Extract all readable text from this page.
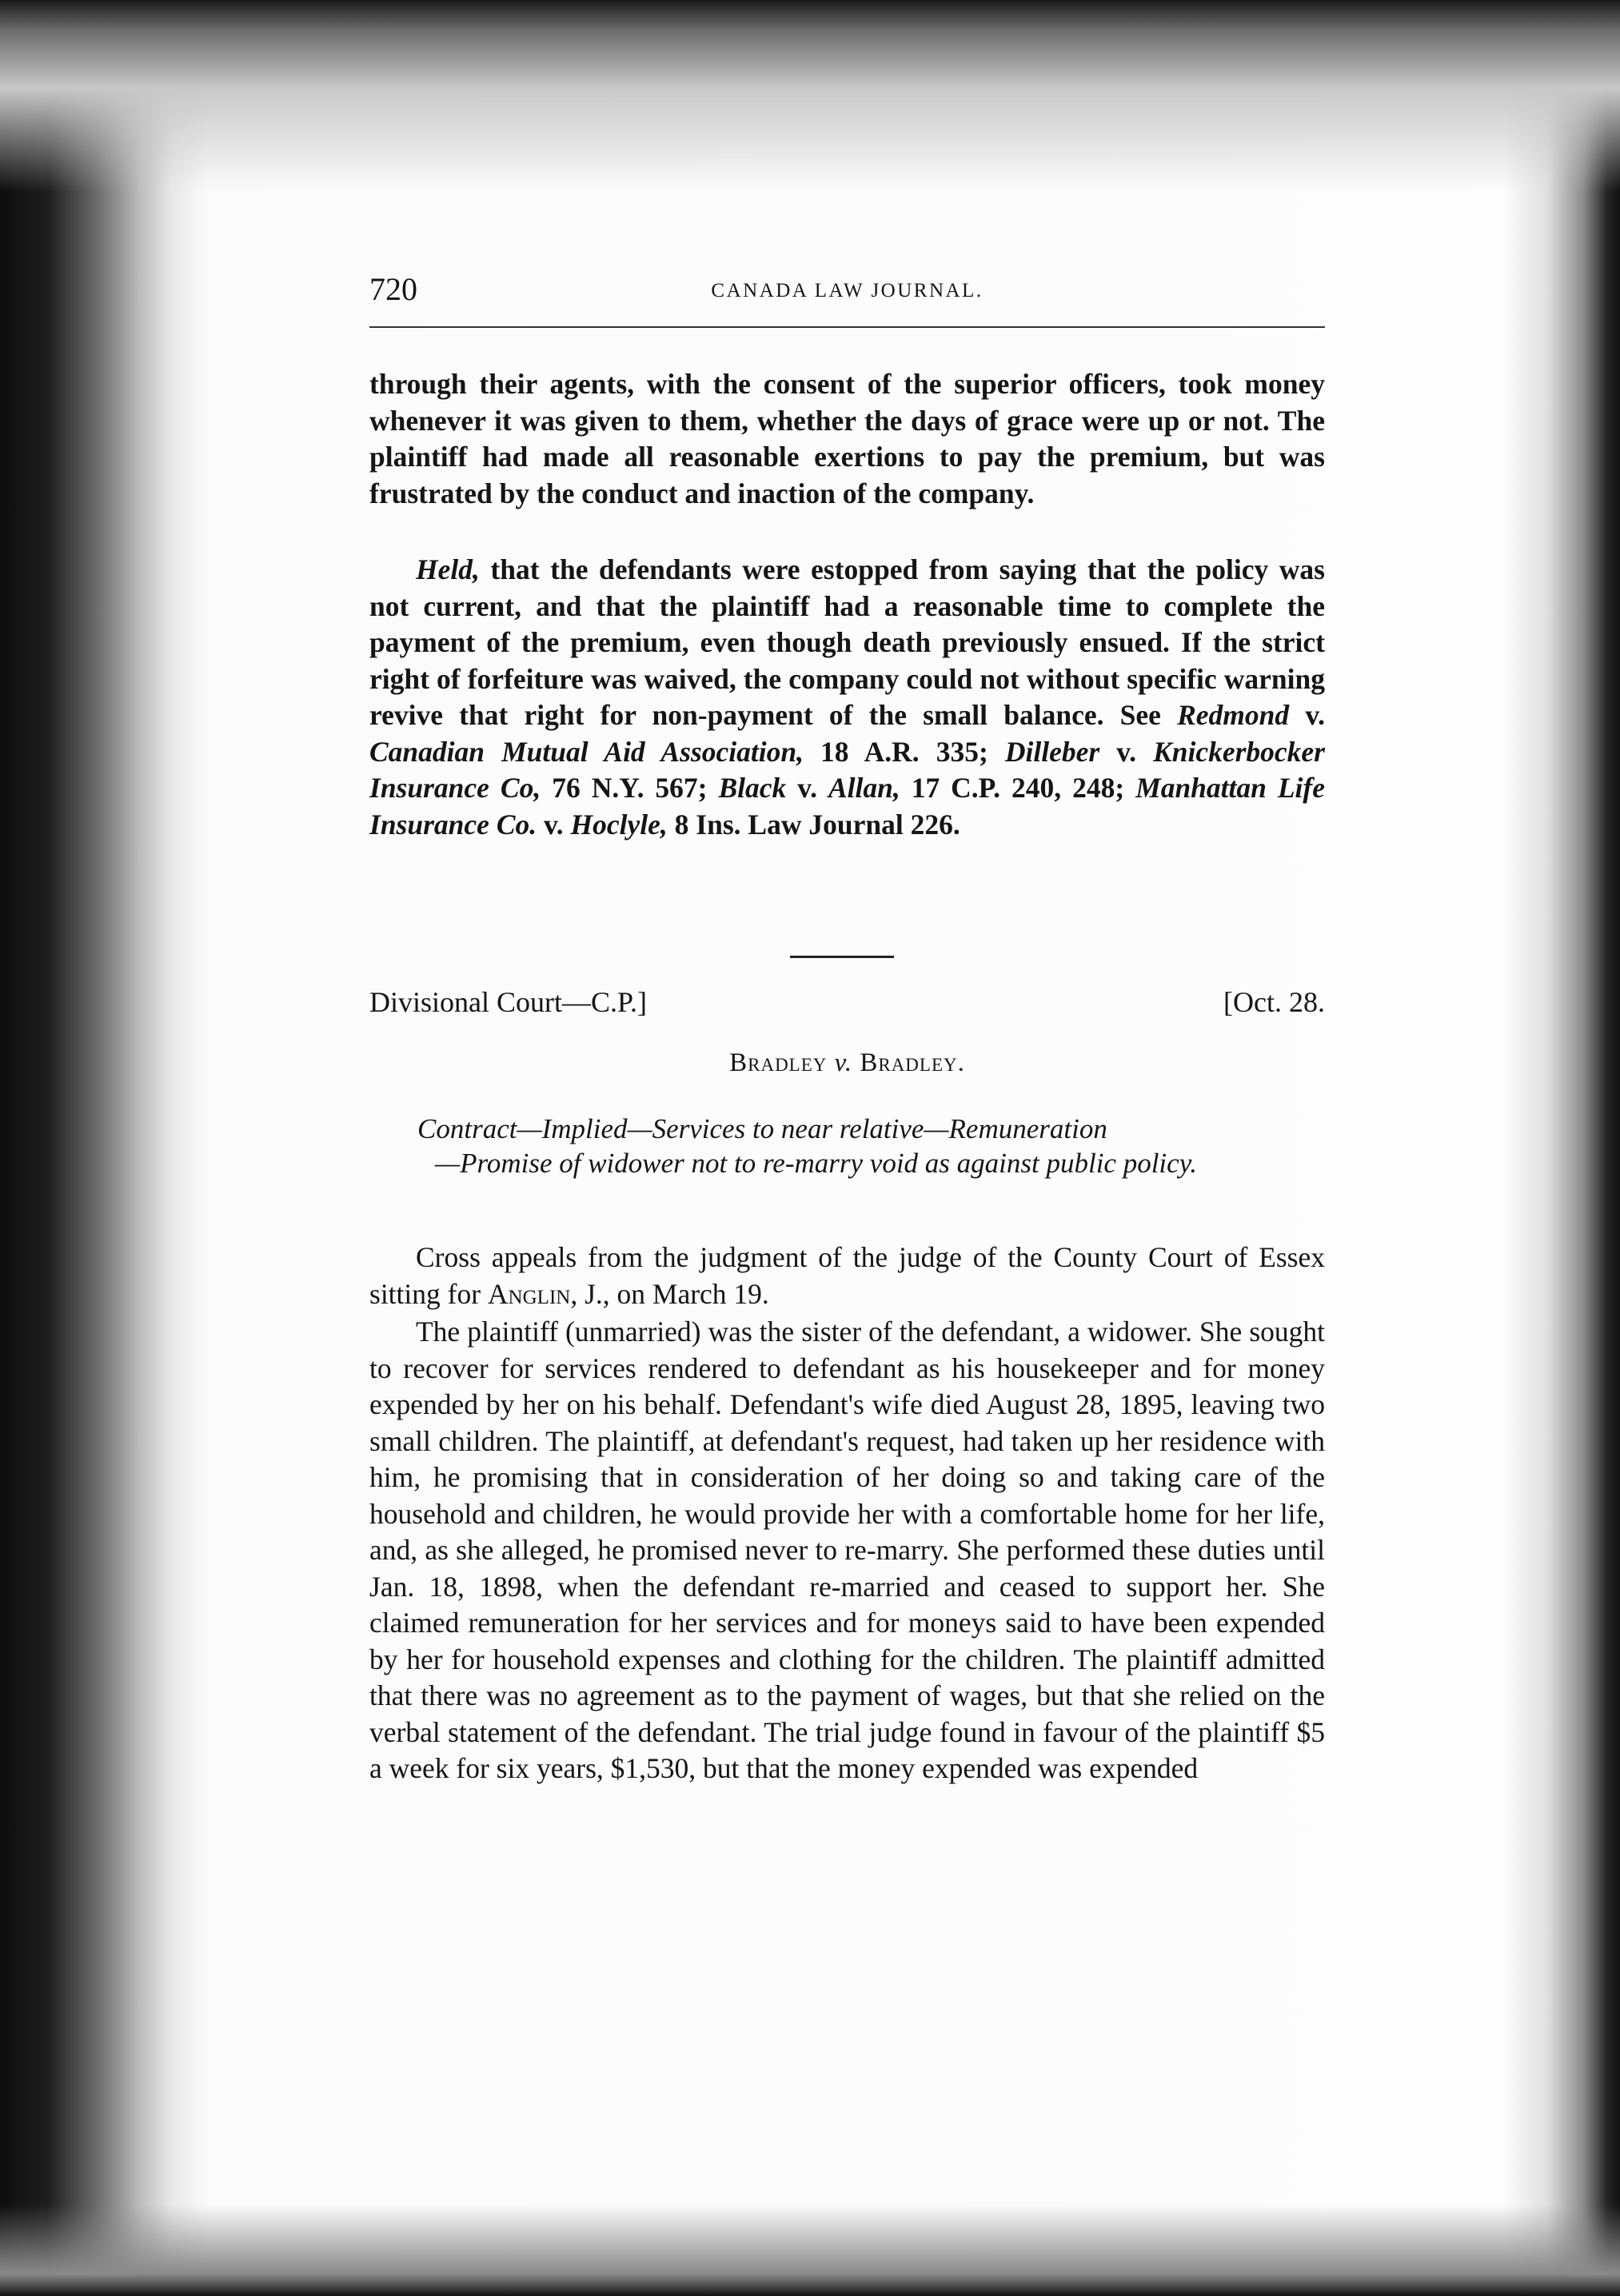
720	CANADA LAW JOURNAL.

through their agents, with the consent of the superior officers, took money whenever it was given to them, whether the days of grace were up or not. The plaintiff had made all reasonable exertions to pay the premium, but was frustrated by the conduct and inaction of the company.

Held, that the defendants were estopped from saying that the policy was not current, and that the plaintiff had a reasonable time to complete the payment of the premium, even though death previously ensued. If the strict right of forfeiture was waived, the company could not without specific warning revive that right for non-payment of the small balance. See Redmond v. Canadian Mutual Aid Association, 18 A.R. 335; Dilleber v. Knickerbocker Insurance Co, 76 N.Y. 567; Black v. Allan, 17 C.P. 240, 248; Manhattan Life Insurance Co. v. Hoclyle, 8 Ins. Law Journal 226.

Divisional Court—C.P.]	[Oct. 28.
Bradley v. Bradley.

Contract—Implied—Services to near relative—Remuneration
—Promise of widower not to re-marry void as against public policy.

Cross appeals from the judgment of the judge of the County Court of Essex sitting for Anglin, J., on March 19.

The plaintiff (unmarried) was the sister of the defendant, a widower. She sought to recover for services rendered to defendant as his housekeeper and for money expended by her on his behalf. Defendant's wife died August 28, 1895, leaving two small children. The plaintiff, at defendant's request, had taken up her residence with him, he promising that in consideration of her doing so and taking care of the household and children, he would provide her with a comfortable home for her life, and, as she alleged, he promised never to re-marry. She performed these duties until Jan. 18, 1898, when the defendant re-married and ceased to support her. She claimed remuneration for her services and for moneys said to have been expended by her for household expenses and clothing for the children. The plaintiff admitted that there was no agreement as to the payment of wages, but that she relied on the verbal statement of the defendant. The trial judge found in favour of the plaintiff $5 a week for six years, $1,530, but that the money expended was expended
